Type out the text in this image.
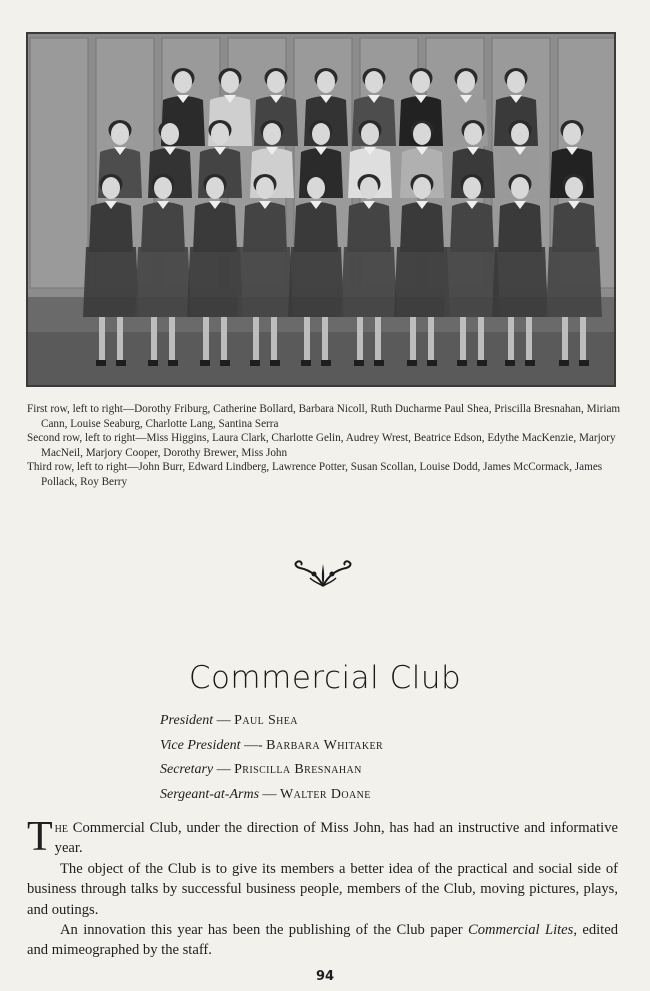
First row, left to right—Dorothy Friburg, Catherine Bollard, Barbara Nicoll, Ruth Ducharme Paul Shea, Priscilla Bresnahan, Miriam Cann, Louise Seaburg, Charlotte Lang, Santina Serra

Second row, left to right—Miss Higgins, Laura Clark, Charlotte Gelin, Audrey Wrest, Beatrice Edson, Edythe MacKenzie, Marjory MacNeil, Marjory Cooper, Dorothy Brewer, Miss John

Third row, left to right—John Burr, Edward Lindberg, Lawrence Potter, Susan Scollan, Louise Dodd, James McCormack, James Pollack, Roy Berry

Commercial Club
President — Paul Shea
Vice President —- Barbara Whitaker
Secretary — Priscilla Bresnahan
Sergeant-at-Arms — Walter Doane

The Commercial Club, under the direction of Miss John, has had an instructive and informative year.

The object of the Club is to give its members a better idea of the practical and social side of business through talks by successful business people, members of the Club, moving pictures, plays, and outings.

An innovation this year has been the publishing of the Club paper Commercial Lites, edited and mimeographed by the staff.

94
